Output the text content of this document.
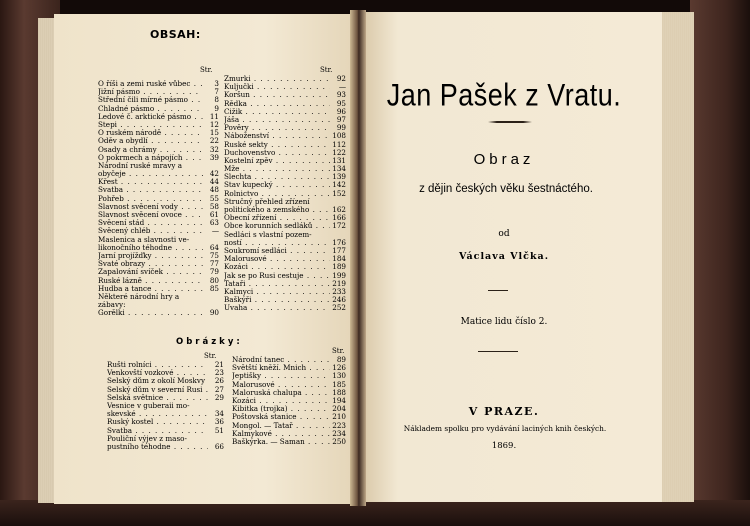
OBSAH:
Str.	Str.
O říši a zemi ruské vůbec . . .	3
Jižní pásmo . . .	7
Střední čili mírné pásmo . . .	8
Chladné pásmo . . .	9
Ledové č. arktické pásmo . . .	11
Stepi . . .	12
O ruském národě . . .	15
Oděv a obydlí . . .	22
Osady a chrámy . . .	32
O pokrmech a nápojích . . .	39
Národní ruské mravy a
obyčeje . . .	42
Křest . . .	44
Svatba . . .	48
Pohřeb . . .	55
Slavnost svěcení vody . . .	58
Slavnost svěcení ovoce . . .	61
Svěcení stád . . .	63
Svěcený chléb . . .	—
Maslenica a slavnosti ve-
likonočního téhodne . . .	64
Jarní projížďky . . .	75
Svaté obrazy . . .	77
Zapalování svíček . . .	79
Ruské lázně . . .	80
Hudba a tance . . .	85
Některé národní hry a
zábavy:
Gorělki . . .	90
Žmurki . . .	92
Kuljučki . . .	—
Koršun . . .	93
Rědka . . .	95
Čižik . . .	96
Jáša . . .	97
Pověry . . .	99
Náboženství . . .	108
Ruské sekty . . .	112
Duchovenstvo . . .	122
Kostelní zpěv . . .	131
Mže . . .	134
Šlechta . . .	139
Stav kupecký . . .	142
Rolnictvo . . .	152
Stručný přehled zřízení
politického a zemského . . .	162
Obecní zřízení . . .	166
Obce korunních sedláků . . .	172
Sedláci s vlastní pozem-
ností . . .	176
Soukromí sedláci . . .	177
Malorusové . . .	184
Kozáci . . .	189
Jak se po Rusi cestuje . . .	199
Tataři . . .	219
Kalmyci . . .	233
Baškýři . . .	246
Úvaha . . .	252
Obrázky:
Str.
Str.
Rušti rolníci . . .	21
Venkovští vozkové . . .	23
Selský dům z okolí Moskvy . . .	26
Selský dům v severní Rusi . . .	27
Selská světnice . . .	29
Vesnice v guberaii mo-
skevské . . .	34
Ruský kostel . . .	36
Svatba . . .	51
Pouliční výjev z maso-
pustního téhodne . . .	66
Národní tanec . . .	89
Světští kněží. Mnich . . .	126
Jeptišky . . .	130
Malorusové . . .	185
Maloruská chalupa . . .	188
Kozáci . . .	194
Kibitka (trojka) . . .	204
Poštovská stanice . . .	210
Mongol. — Tatař . . .	223
Kalmykové . . .	234
Baškýrka. — Šaman . . .	250
Jan Pašek z Vratu.
Obraz
z dějin českých věku šestnáctého.
od
Václava Vlčka.
Matice lidu číslo 2.
V PRAZE.
Nákladem spolku pro vydávání laciných knih českých.
1869.
